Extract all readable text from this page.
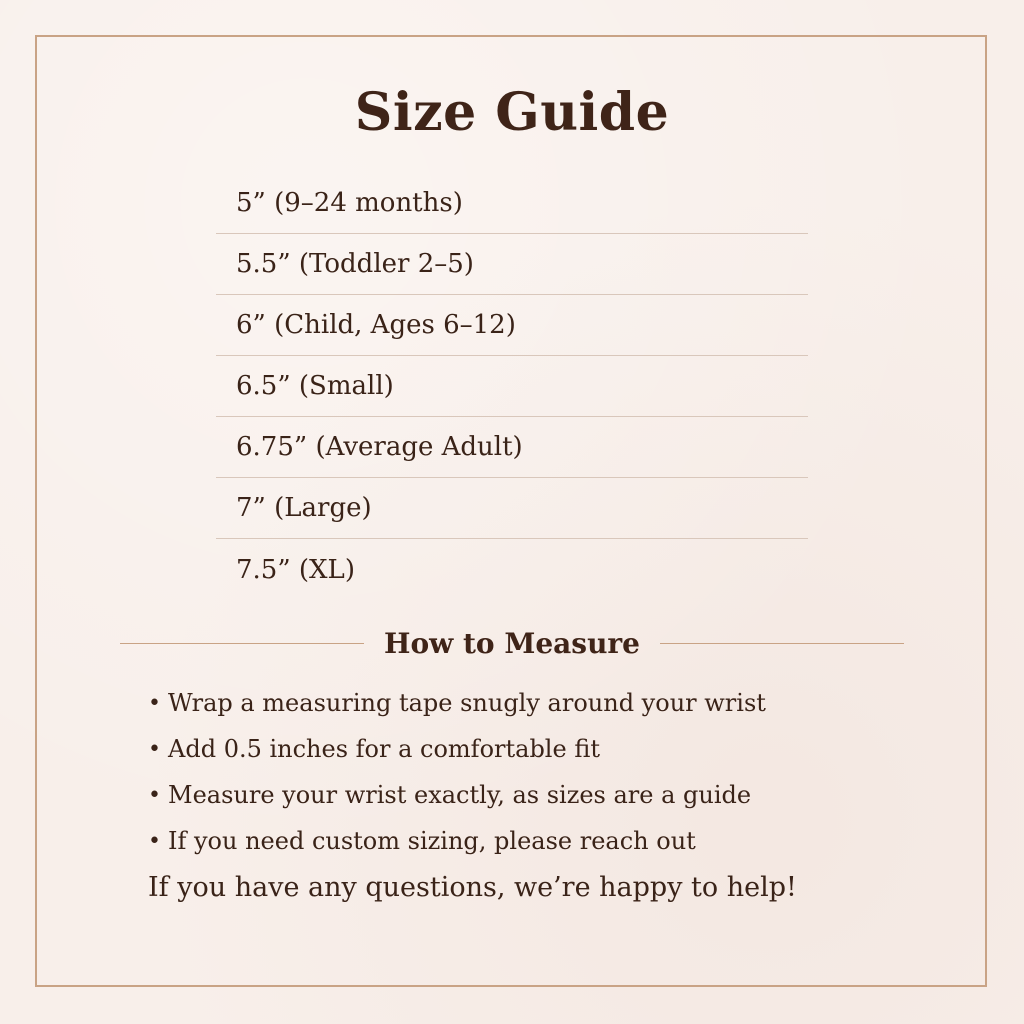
Size Guide
5” (9–24 months)
5.5” (Toddler 2–5)
6” (Child, Ages 6–12)
6.5” (Small)
6.75” (Average Adult)
7” (Large)
7.5” (XL)
How to Measure
• Wrap a measuring tape snugly around your wrist
• Add 0.5 inches for a comfortable fit
• Measure your wrist exactly, as sizes are a guide
• If you need custom sizing, please reach out

If you have any questions, we’re happy to help!
